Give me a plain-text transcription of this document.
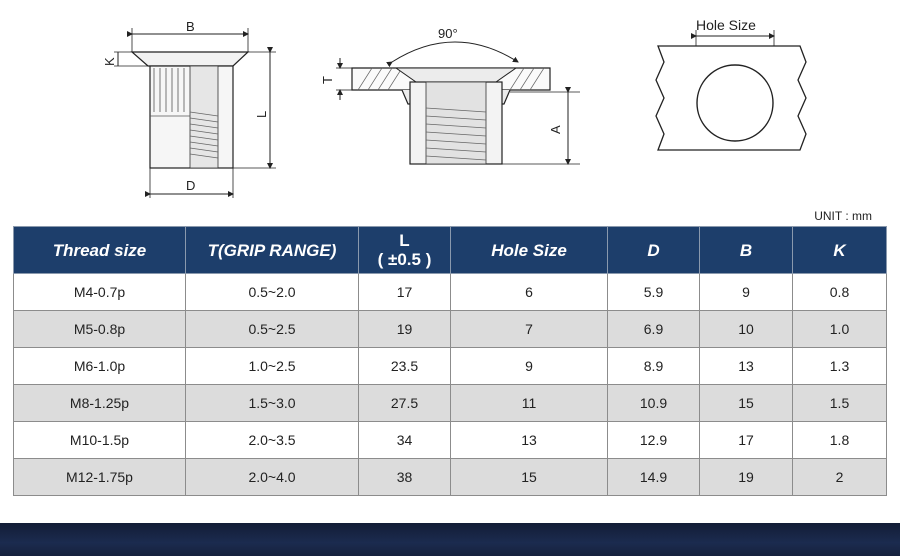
B
K
L
D
90°
T
A
Hole Size
UNIT : mm
Thread size	T(GRIP RANGE)	L
( ±0.5 )	Hole Size	D	B	K
M4-0.7p	0.5~2.0	17	6	5.9	9	0.8
M5-0.8p	0.5~2.5	19	7	6.9	10	1.0
M6-1.0p	1.0~2.5	23.5	9	8.9	13	1.3
M8-1.25p	1.5~3.0	27.5	11	10.9	15	1.5
M10-1.5p	2.0~3.5	34	13	12.9	17	1.8
M12-1.75p	2.0~4.0	38	15	14.9	19	2
